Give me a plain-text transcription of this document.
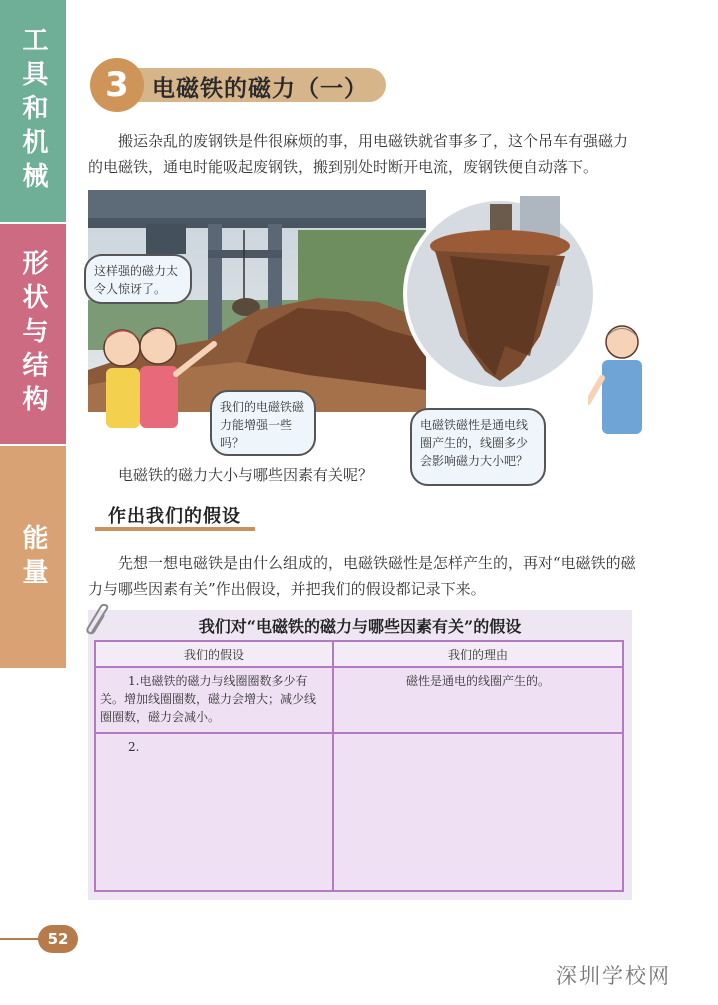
工具和机械
形状与结构
能量
3	电磁铁的磁力（一）
搬运杂乱的废钢铁是件很麻烦的事，用电磁铁就省事多了，这个吊车有强磁力的电磁铁，通电时能吸起废钢铁，搬到别处时断开电流，废钢铁便自动落下。
这样强的磁力太令人惊讶了。
我们的电磁铁磁力能增强一些吗？
电磁铁磁性是通电线圈产生的，线圈多少会影响磁力大小吧？
电磁铁的磁力大小与哪些因素有关呢？
作出我们的假设
先想一想电磁铁是由什么组成的，电磁铁磁性是怎样产生的，再对“电磁铁的磁力与哪些因素有关”作出假设，并把我们的假设都记录下来。
我们对“电磁铁的磁力与哪些因素有关”的假设
我们的假设	我们的理由
1.电磁铁的磁力与线圈圈数多少有关。增加线圈圈数，磁力会增大；减少线圈圈数，磁力会减小。
磁性是通电的线圈产生的。
2.
52
深圳学校网
